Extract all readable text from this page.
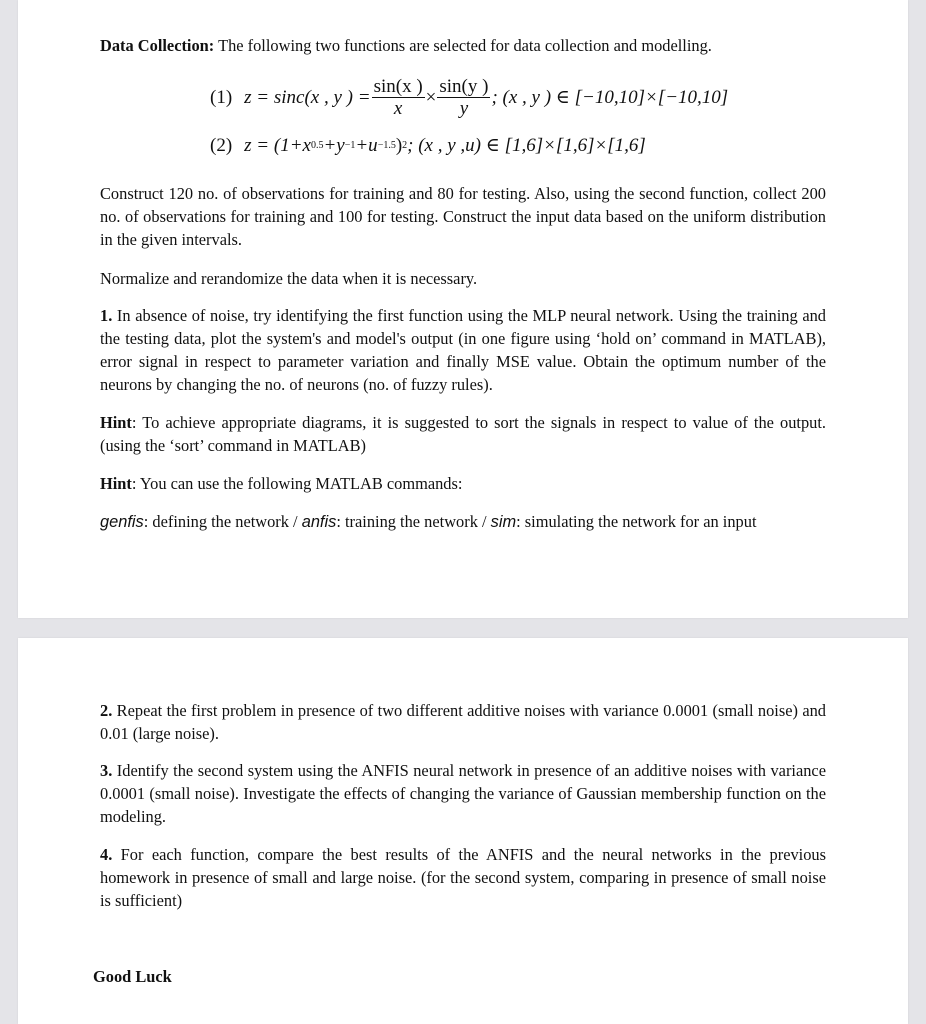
Data Collection: The following two functions are selected for data collection and modelling.

(1) z = sinc(x , y ) = $\frac{\sin(x )}{x} \times \frac{\sin(y )}{y}$ ; (x , y ) ∈ [−10,10]×[−10,10]
(2) z = (1+x 0.5 +y −1 +u −1.5 ) 2 ; (x , y ,u) ∈ [1,6]×[1,6]×[1,6]

Construct 120 no. of observations for training and 80 for testing. Also, using the second function, collect 200 no. of observations for training and 100 for testing. Construct the input data based on the uniform distribution in the given intervals.

Normalize and rerandomize the data when it is necessary.

1. In absence of noise, try identifying the first function using the MLP neural network. Using the training and the testing data, plot the system's and model's output (in one figure using ‘hold on’ command in MATLAB), error signal in respect to parameter variation and finally MSE value. Obtain the optimum number of the neurons by changing the no. of neurons (no. of fuzzy rules).

Hint: To achieve appropriate diagrams, it is suggested to sort the signals in respect to value of the output. (using the ‘sort’ command in MATLAB)

Hint: You can use the following MATLAB commands:

genfis: defining the network / anfis: training the network / sim: simulating the network for an input

2. Repeat the first problem in presence of two different additive noises with variance 0.0001 (small noise) and 0.01 (large noise).

3. Identify the second system using the ANFIS neural network in presence of an additive noises with variance 0.0001 (small noise). Investigate the effects of changing the variance of Gaussian membership function on the modeling.

4. For each function, compare the best results of the ANFIS and the neural networks in the previous homework in presence of small and large noise. (for the second system, comparing in presence of small noise is sufficient)

Good Luck
